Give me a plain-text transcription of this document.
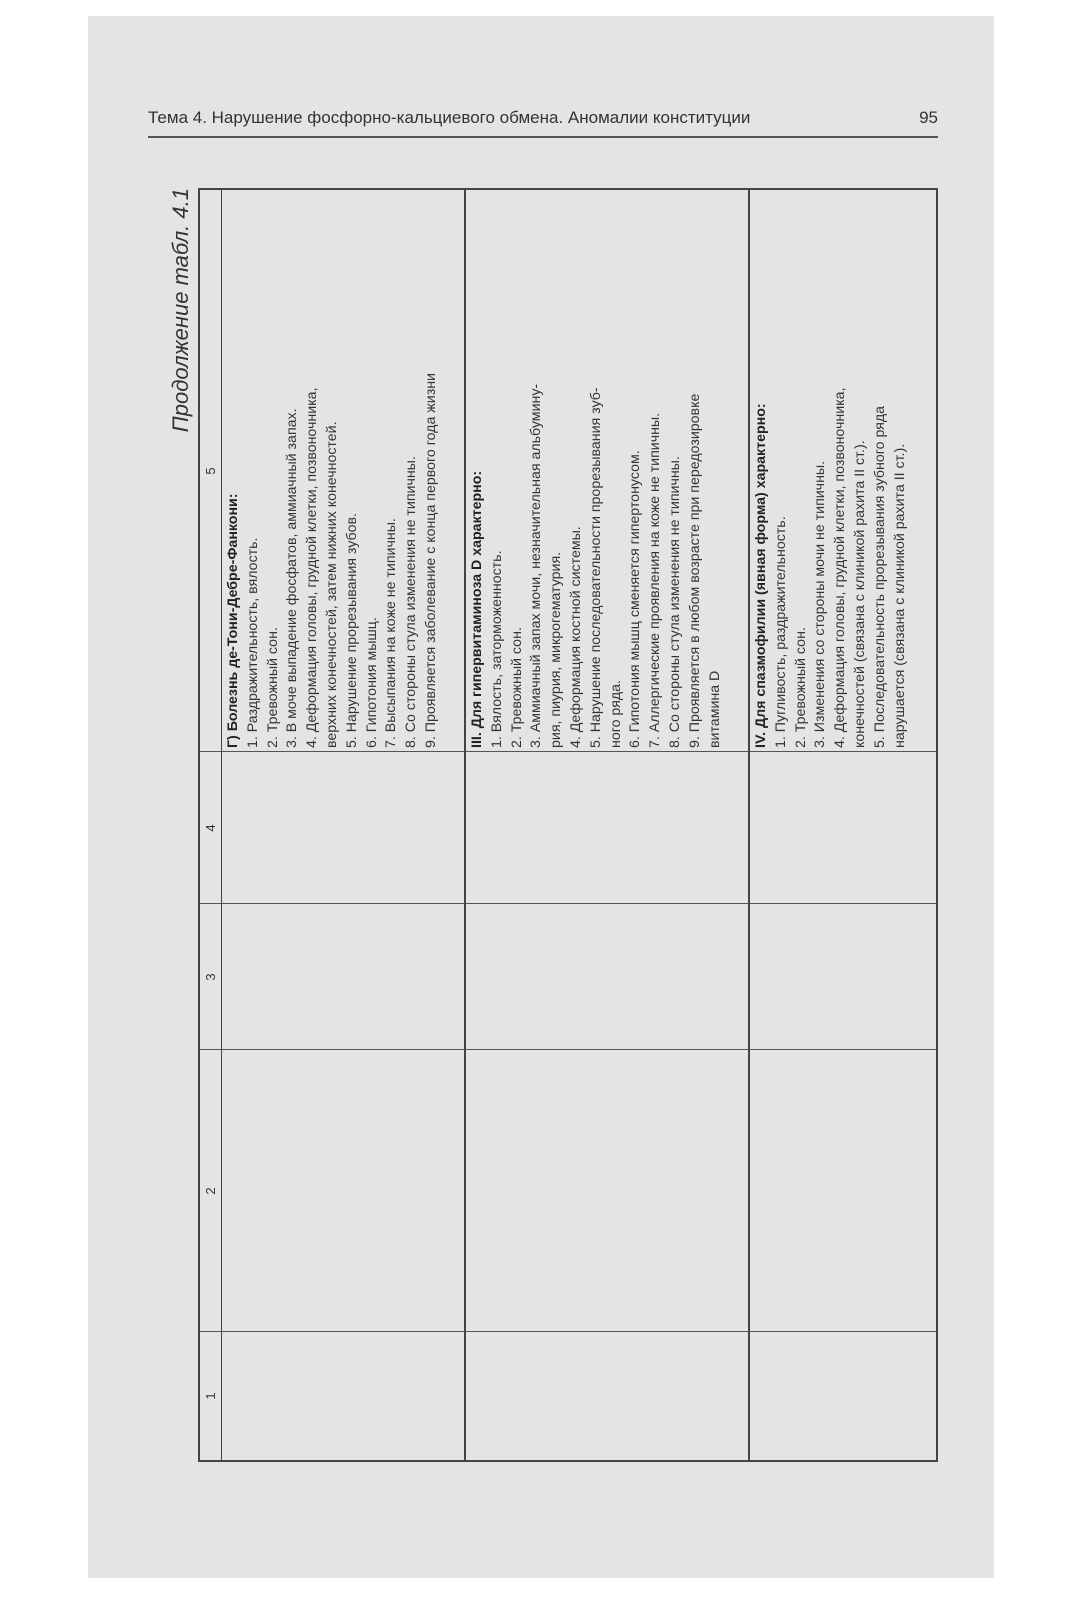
Тема 4. Нарушение фосфорно-кальциевого обмена. Аномалии конституции	95
Продолжение табл. 4.1
1
2
3
4
5
Г) Болезнь де-Тони-Дебре-Фанкони: 1. Раздражительность, вялость. 2. Тревожный сон. 3. В моче выпадение фосфатов, аммиачный запах. 4. Деформация головы, грудной клетки, позвоночника, верхних конечностей, затем нижних конечностей. 5. Нарушение прорезывания зубов. 6. Гипотония мышц. 7. Высыпания на коже не типичны. 8. Со стороны стула изменения не типичны. 9. Проявляется заболевание с конца первого года жизни III. Для гипервитаминоза D характерно: 1. Вялость, заторможенность. 2. Тревожный сон. 3. Аммиачный запах мочи, незначительная альбуминy- рия, пиурия, микрогематурия. 4. Деформация костной системы. 5. Нарушение последовательности прорезывания зуб- ного ряда. 6. Гипотония мышц сменяется гипертонусом. 7. Аллергические проявления на коже не типичны. 8. Со стороны стула изменения не типичны. 9. Проявляется в любом возрасте при передозировке витамина D IV. Для спазмофилии (явная форма) характерно: 1. Пугливость, раздражительность. 2. Тревожный сон. 3. Изменения со стороны мочи не типичны. 4. Деформация головы, грудной клетки, позвоночника, конечностей (связана с клиникой рахита II ст.). 5. Последовательность прорезывания зубного ряда нарушается (связана с клиникой рахита II ст.).
